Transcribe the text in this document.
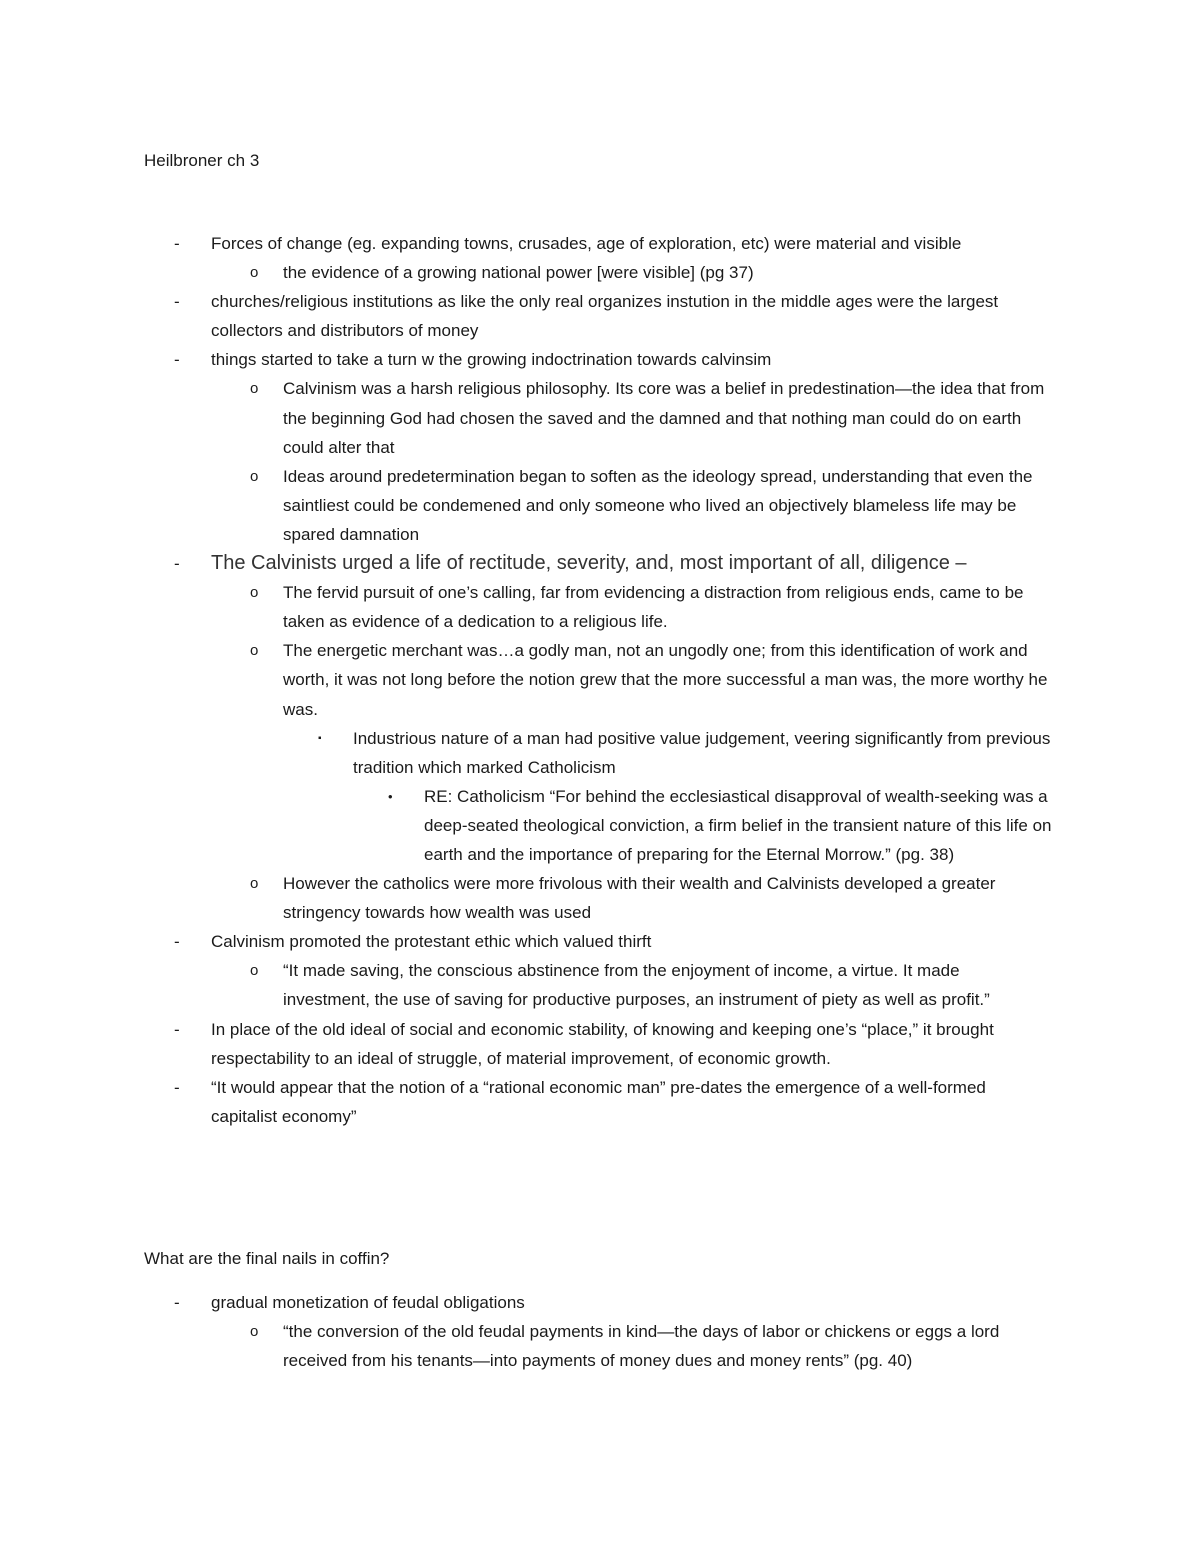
Heilbroner ch 3
-	Forces of change (eg. expanding towns, crusades, age of exploration, etc) were material and visible
o	the evidence of a growing national power [were visible] (pg 37)
-	churches/religious institutions as like the only real organizes instution in the middle ages were the largest collectors and distributors of money
-	things started to take a turn w the growing indoctrination towards calvinsim
o	Calvinism was a harsh religious philosophy. Its core was a belief in predestination—the idea that from the beginning God had chosen the saved and the damned and that nothing man could do on earth could alter that
o	Ideas around predetermination began to soften as the ideology spread, understanding that even the saintliest could be condemened and only someone who lived an objectively blameless life may be spared damnation
-	The Calvinists urged a life of rectitude, severity, and, most important of all, diligence –
o	The fervid pursuit of one’s calling, far from evidencing a distraction from religious ends, came to be taken as evidence of a dedication to a religious life.
o	The energetic merchant was…a godly man, not an ungodly one; from this identification of work and worth, it was not long before the notion grew that the more successful a man was, the more worthy he was.
▪	Industrious nature of a man had positive value judgement, veering significantly from previous tradition which marked Catholicism
•	RE: Catholicism “For behind the ecclesiastical disapproval of wealth-seeking was a deep-seated theological conviction, a firm belief in the transient nature of this life on earth and the importance of preparing for the Eternal Morrow.” (pg. 38)
o	However the catholics were more frivolous with their wealth and Calvinists developed a greater stringency towards how wealth was used
-	Calvinism promoted the protestant ethic which valued thirft
o	“It made saving, the conscious abstinence from the enjoyment of income, a virtue. It made investment, the use of saving for productive purposes, an instrument of piety as well as profit.”
-	In place of the old ideal of social and economic stability, of knowing and keeping one’s “place,” it brought respectability to an ideal of struggle, of material improvement, of economic growth.
-	“It would appear that the notion of a “rational economic man” pre-dates the emergence of a well-formed capitalist economy”
What are the final nails in coffin?
-	gradual monetization of feudal obligations
o	“the conversion of the old feudal payments in kind—the days of labor or chickens or eggs a lord received from his tenants—into payments of money dues and money rents” (pg. 40)
